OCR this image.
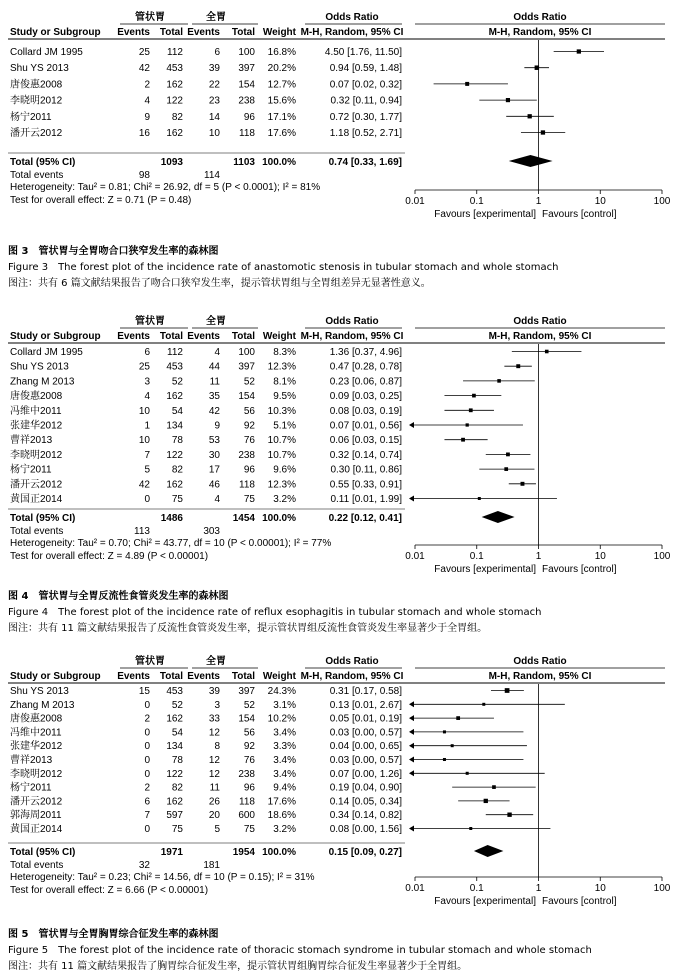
管状胃	全胃	Odds Ratio	Odds Ratio
Study or Subgroup Events Total Events Total Weight M-H, Random, 95% CI	M-H, Random, 95% CI
Collard JM 1995	25 112	6 100 16.8%	4.50 [1.76, 11.50]
Shu YS 2013	42 453	39 397 20.2%	0.94 [0.59, 1.48]
唐俊惠2008	2 162	22 154 12.7%	0.07 [0.02, 0.32]
李晓明2012	4 122	23 238 15.6%	0.32 [0.11, 0.94]
杨宁2011	9 82	14 96 17.1%	0.72 [0.30, 1.77]
潘开云2012	16 162	10 118 17.6%	1.18 [0.52, 2.71]
Total (95% CI)	1093	1103 100.0%	0.74 [0.33, 1.69]
Total events	98	114
Heterogeneity: Tau² = 0.81; Chi² = 26.92, df = 5 (P < 0.0001); I² = 81%
Test for overall effect: Z = 0.71 (P = 0.48)	0.01	0.1	1	10	100
Favours [experimental] Favours [control]
图 3　管状胃与全胃吻合口狭窄发生率的森林图
Figure 3　The forest plot of the incidence rate of anastomotic stenosis in tubular stomach and whole stomach
图注：共有 6 篇文献结果报告了吻合口狭窄发生率，提示管状胃组与全胃组差异无显著性意义。
管状胃	全胃	Odds Ratio	Odds Ratio
Study or Subgroup Events Total Events Total Weight M-H, Random, 95% CI	M-H, Random, 95% CI
Collard JM 1995	6 112	4 100 8.3%	1.36 [0.37, 4.96]
Shu YS 2013	25 453	44 397 12.3%	0.47 [0.28, 0.78]
Zhang M 2013	3 52	11 52 8.1%	0.23 [0.06, 0.87]
唐俊惠2008	4 162	35 154 9.5%	0.09 [0.03, 0.25]
冯维中2011	10 54	42 56 10.3%	0.08 [0.03, 0.19]
张建华2012	1 134	9 92 5.1%	0.07 [0.01, 0.56]
曹祥2013	10 78	53 76 10.7%	0.06 [0.03, 0.15]
李晓明2012	7 122	30 238 10.7%	0.32 [0.14, 0.74]
杨宁2011	5 82	17 96 9.6%	0.30 [0.11, 0.86]
潘开云2012	42 162	46 118 12.3%	0.55 [0.33, 0.91]
黄国正2014	0 75	4 75 3.2%	0.11 [0.01, 1.99]
Total (95% CI)	1486	1454 100.0%	0.22 [0.12, 0.41]
Total events	113	303
Heterogeneity: Tau² = 0.70; Chi² = 43.77, df = 10 (P < 0.00001); I² = 77%
Test for overall effect: Z = 4.89 (P < 0.00001)	0.01	0.1	1	10	100
Favours [experimental] Favours [control]
图 4　管状胃与全胃反流性食管炎发生率的森林图
Figure 4　The forest plot of the incidence rate of reflux esophagitis in tubular stomach and whole stomach
图注：共有 11 篇文献结果报告了反流性食管炎发生率，提示管状胃组反流性食管炎发生率显著少于全胃组。
管状胃	全胃	Odds Ratio	Odds Ratio
Study or Subgroup Events Total Events Total Weight M-H, Random, 95% CI	M-H, Random, 95% CI
Shu YS 2013	15 453	39 397 24.3%	0.31 [0.17, 0.58]
Zhang M 2013	0 52	3 52 3.1%	0.13 [0.01, 2.67]
唐俊惠2008	2 162	33 154 10.2%	0.05 [0.01, 0.19]
冯维中2011	0 54	12 56 3.4%	0.03 [0.00, 0.57]
张建华2012	0 134	8 92 3.3%	0.04 [0.00, 0.65]
曹祥2013	0 78	12 76 3.4%	0.03 [0.00, 0.57]
李晓明2012	0 122	12 238 3.4%	0.07 [0.00, 1.26]
杨宁2011	2 82	11 96 9.4%	0.19 [0.04, 0.90]
潘开云2012	6 162	26 118 17.6%	0.14 [0.05, 0.34]
郭海周2011	7 597	20 600 18.6%	0.34 [0.14, 0.82]
黄国正2014	0 75	5 75 3.2%	0.08 [0.00, 1.56]
Total (95% CI)	1971	1954 100.0%	0.15 [0.09, 0.27]
Total events	32	181
Heterogeneity: Tau² = 0.23; Chi² = 14.56, df = 10 (P = 0.15); I² = 31%
Test for overall effect: Z = 6.66 (P < 0.00001)	0.01	0.1	1	10	100
Favours [experimental] Favours [control]
图 5　管状胃与全胃胸胃综合征发生率的森林图
Figure 5　The forest plot of the incidence rate of thoracic stomach syndrome in tubular stomach and whole stomach
图注：共有 11 篇文献结果报告了胸胃综合征发生率，提示管状胃组胸胃综合征发生率显著少于全胃组。
